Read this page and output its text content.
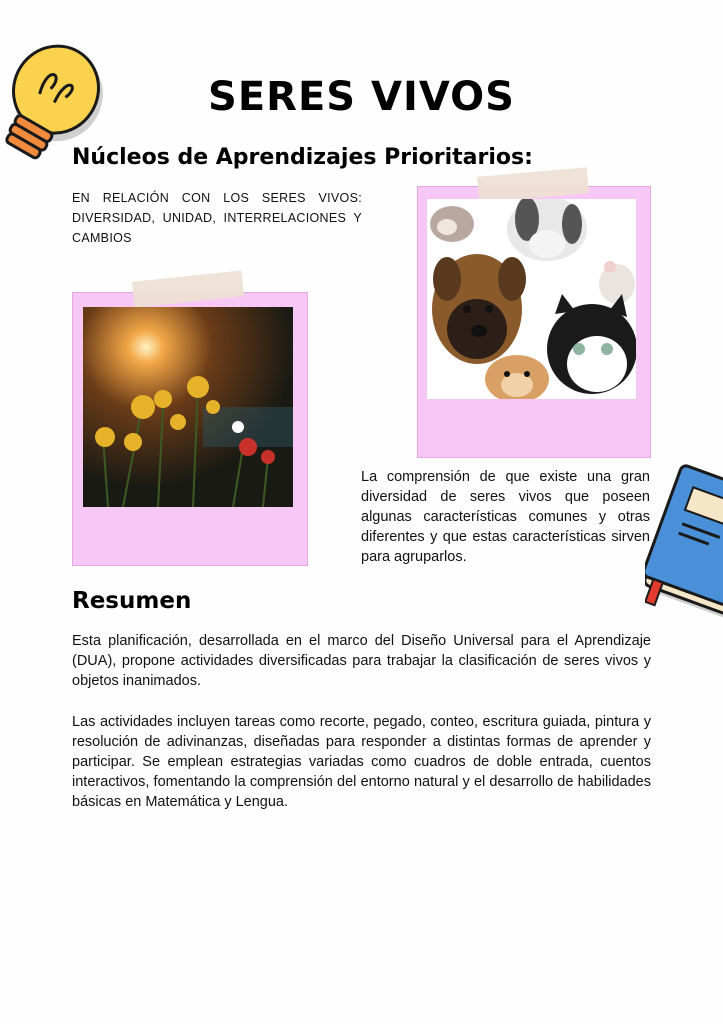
SERES VIVOS
Núcleos de Aprendizajes Prioritarios:

EN RELACIÓN CON LOS SERES VIVOS: DIVERSIDAD, UNIDAD, INTERRELACIONES Y CAMBIOS

La comprensión de que existe una gran diversidad de seres vivos que poseen algunas características comunes y otras diferentes y que estas características sirven para agruparlos.

Resumen

Esta planificación, desarrollada en el marco del Diseño Universal para el Aprendizaje (DUA), propone actividades diversificadas para trabajar la clasificación de seres vivos y objetos inanimados.

Las actividades incluyen tareas como recorte, pegado, conteo, escritura guiada, pintura y resolución de adivinanzas, diseñadas para responder a distintas formas de aprender y participar. Se emplean estrategias variadas como cuadros de doble entrada, cuentos interactivos, fomentando la comprensión del entorno natural y el desarrollo de habilidades básicas en Matemática y Lengua.
